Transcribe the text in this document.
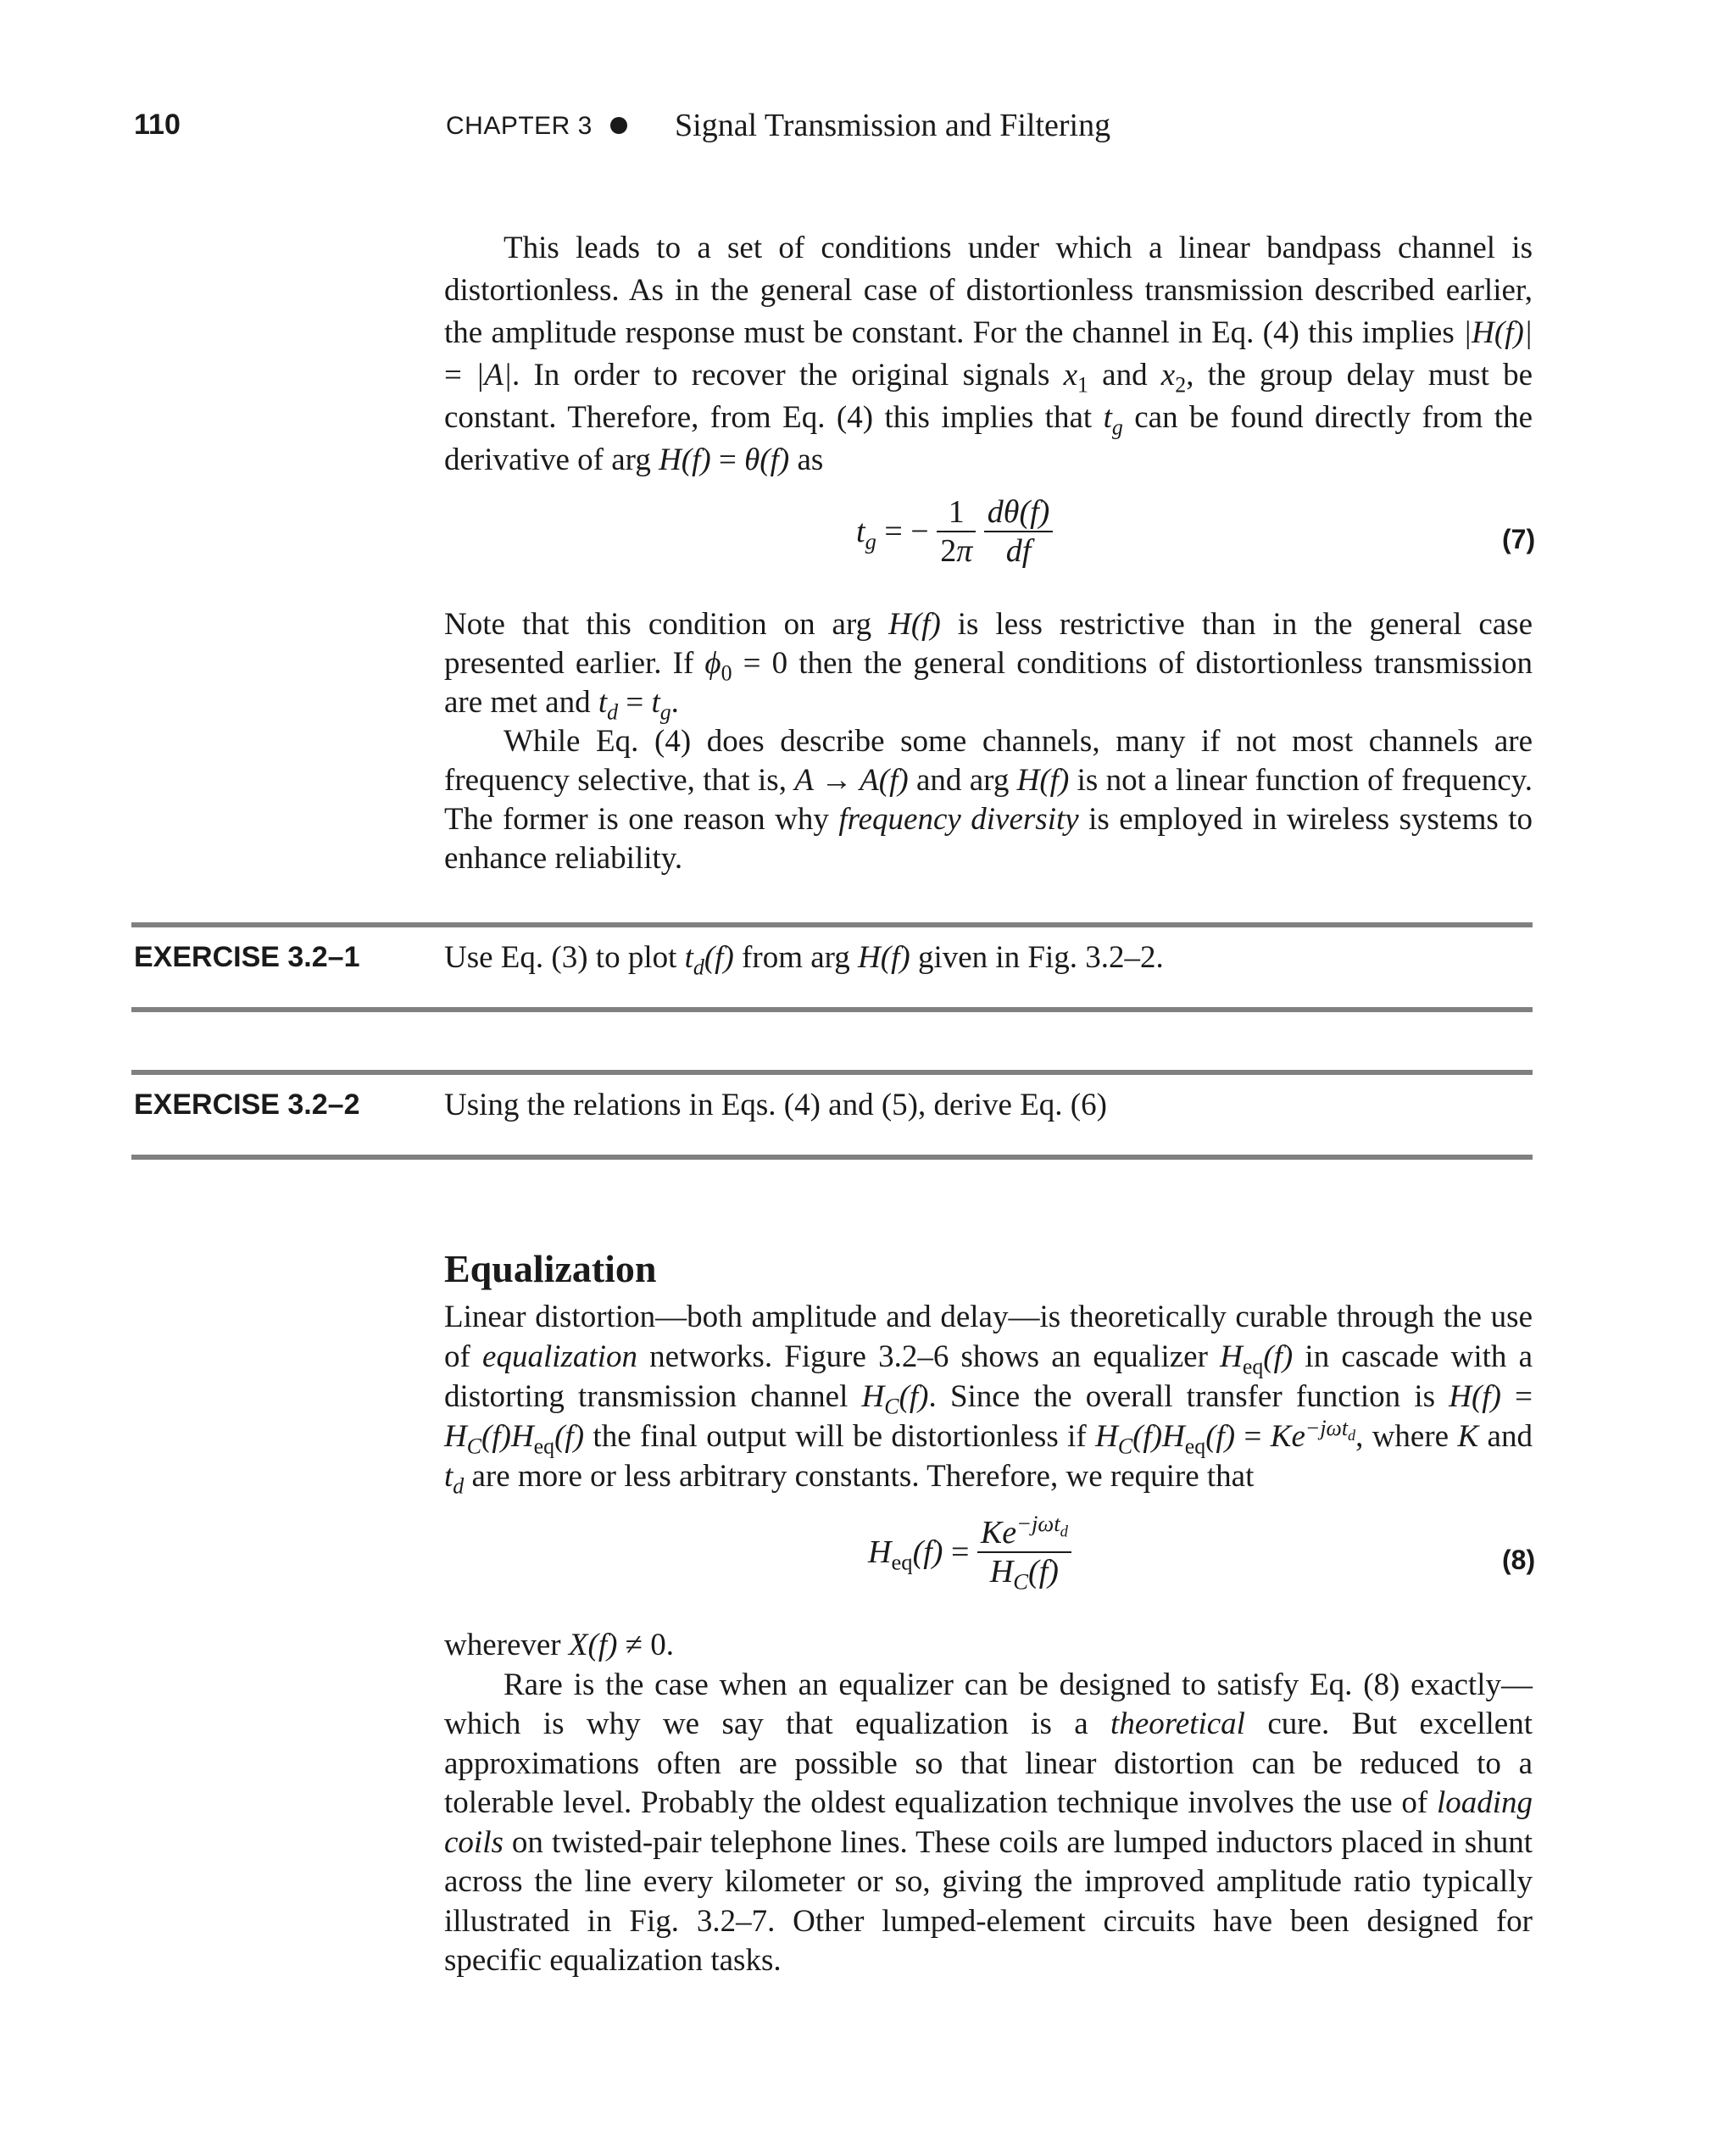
110	CHAPTER 3	Signal Transmission and Filtering

This leads to a set of conditions under which a linear bandpass channel is distortionless. As in the general case of distortionless transmission described earlier, the amplitude response must be constant. For the channel in Eq. (4) this implies |H(f)| = |A|. In order to recover the original signals $x_1$ and $x_2$, the group delay must be constant. Therefore, from Eq. (4) this implies that $t_g$ can be found directly from the derivative of arg H(f) = θ(f) as

$t_g$ = − $\frac{1}{2\pi}$
$\frac{d\theta(f)}{df}$	(7)

Note that this condition on arg H(f) is less restrictive than in the general case presented earlier. If $\phi_0 = 0$ then the general conditions of distortionless transmission are met and $t_d = t_g$.

While Eq. (4) does describe some channels, many if not most channels are frequency selective, that is, A → A(f) and arg H(f) is not a linear function of frequency. The former is one reason why frequency diversity is employed in wireless systems to enhance reliability.

EXERCISE 3.2–1	Use Eq. (3) to plot $t_d(f)$ from arg H(f) given in Fig. 3.2–2.
EXERCISE 3.2–2	Using the relations in Eqs. (4) and (5), derive Eq. (6)
Equalization

Linear distortion—both amplitude and delay—is theoretically curable through the use of equalization networks. Figure 3.2–6 shows an equalizer $H_{eq}(f)$ in cascade with a distorting transmission channel $H_C(f)$. Since the overall transfer function is $H(f) = H_C(f)H_{eq}(f)$ the final output will be distortionless if $H_C(f)H_{eq}(f) = Ke^{-j\omega t_d}$, where K and $t_d$ are more or less arbitrary constants. Therefore, we require that

$H_{eq}(f) = \frac{Ke^{-j\omega t_d}}{H_C(f)}$	(8)

wherever X(f) ≠ 0.

Rare is the case when an equalizer can be designed to satisfy Eq. (8) exactly—which is why we say that equalization is a theoretical cure. But excellent approximations often are possible so that linear distortion can be reduced to a tolerable level. Probably the oldest equalization technique involves the use of loading coils on twisted-pair telephone lines. These coils are lumped inductors placed in shunt across the line every kilometer or so, giving the improved amplitude ratio typically illustrated in Fig. 3.2–7. Other lumped-element circuits have been designed for specific equalization tasks.
